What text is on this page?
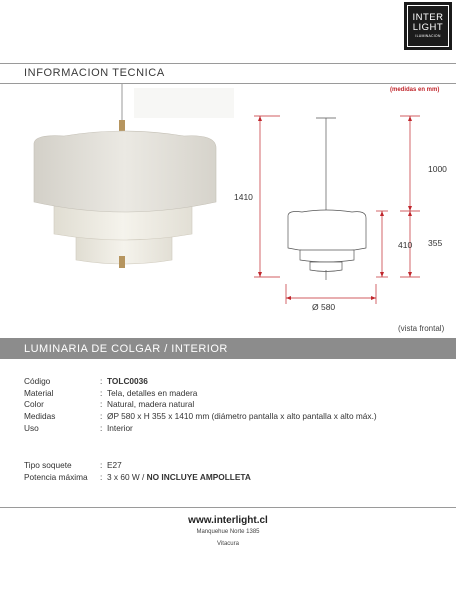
INTER
LIGHT
ILUMINACION
INFORMACION TECNICA
(medidas en mm)
1410
1000
410 355
Ø 580
(vista frontal)
LUMINARIA DE COLGAR / INTERIOR
Código	: TOLC0036
Material	: Tela, detalles en madera
Color	: Natural, madera natural
Medidas	: ØP 580 x H 355 x 1410 mm (diámetro pantalla x alto pantalla x alto máx.)
Uso	: Interior
Tipo soquete	: E27
Potencia máxima	: 3 x 60 W / NO INCLUYE AMPOLLETA
www.interlight.cl
Manquehue Norte 1385
Vitacura
